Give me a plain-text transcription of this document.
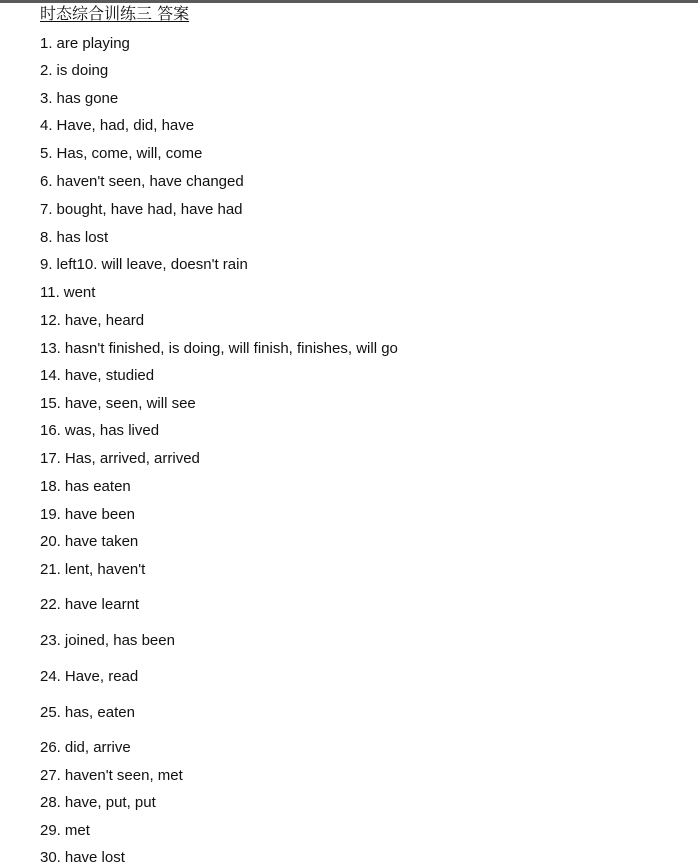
时态综合训练三 答案
1. are playing
2. is doing
3. has gone
4. Have, had, did, have
5. Has, come, will, come
6. haven't seen, have changed
7. bought, have had, have had
8. has lost
9. left10. will leave, doesn't rain
11. went
12. have, heard
13. hasn't finished, is doing, will finish, finishes, will go
14. have, studied
15. have, seen, will see
16. was, has lived
17. Has, arrived, arrived
18. has eaten
19. have been
20. have taken
21. lent, haven't
22. have learnt
23. joined, has been
24. Have, read
25. has, eaten
26. did, arrive
27. haven't seen, met
28. have, put, put
29. met
30. have lost
